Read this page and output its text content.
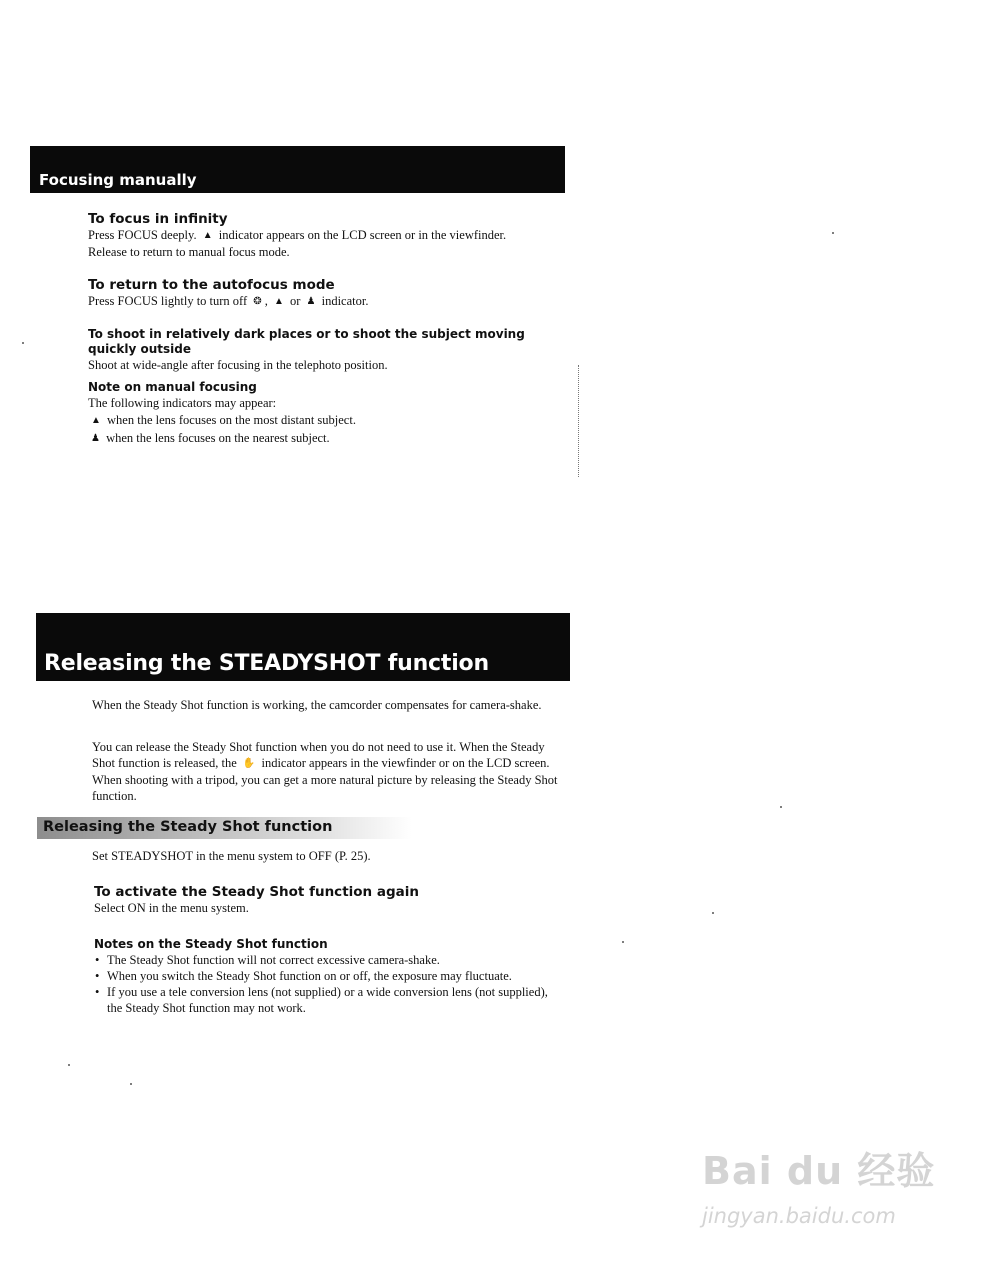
Focusing manually
To focus in infinity
Press FOCUS deeply. ▲ indicator appears on the LCD screen or in the viewfinder.
Release to return to manual focus mode.
To return to the autofocus mode
Press FOCUS lightly to turn off ❂ , ▲ or ♟ indicator.
To shoot in relatively dark places or to shoot the subject moving quickly outside
Shoot at wide-angle after focusing in the telephoto position.
Note on manual focusing
The following indicators may appear:
▲ when the lens focuses on the most distant subject.
♟ when the lens focuses on the nearest subject.
Releasing the STEADYSHOT function
When the Steady Shot function is working, the camcorder compensates for camera-shake.
You can release the Steady Shot function when you do not need to use it. When the Steady Shot function is released, the ✋ indicator appears in the viewfinder or on the LCD screen. When shooting with a tripod, you can get a more natural picture by releasing the Steady Shot function.
Releasing the Steady Shot function
Set STEADYSHOT in the menu system to OFF (P. 25).
To activate the Steady Shot function again
Select ON in the menu system.
Notes on the Steady Shot function
• The Steady Shot function will not correct excessive camera-shake.
• When you switch the Steady Shot function on or off, the exposure may fluctuate.
• If you use a tele conversion lens (not supplied) or a wide conversion lens (not supplied), the Steady Shot function may not work.
Bai du 经验
jingyan.baidu.com
